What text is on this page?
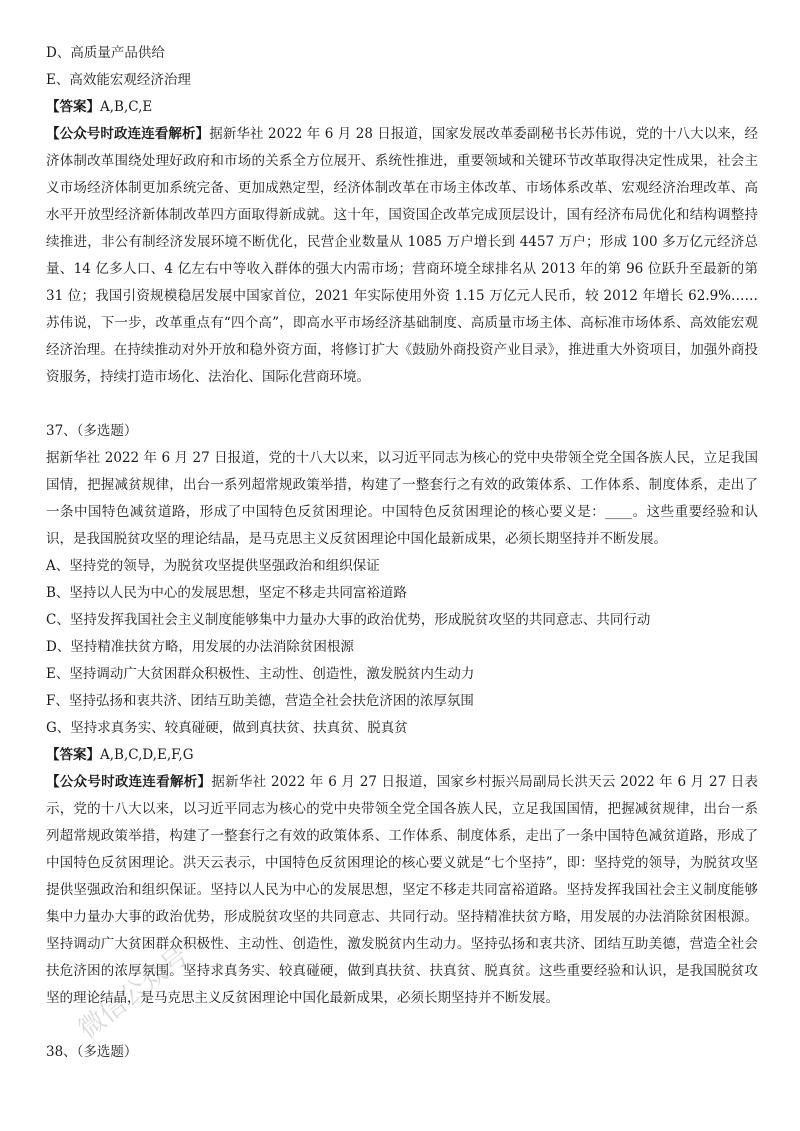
D、高质量产品供给
E、高效能宏观经济治理
【答案】A,B,C,E
【公众号时政连连看解析】据新华社 2022 年 6 月 28 日报道，国家发展改革委副秘书长苏伟说，党的十八大以来，经济体制改革围绕处理好政府和市场的关系全方位展开、系统性推进，重要领域和关键环节改革取得决定性成果，社会主义市场经济体制更加系统完备、更加成熟定型，经济体制改革在市场主体改革、市场体系改革、宏观经济治理改革、高水平开放型经济新体制改革四方面取得新成就。这十年，国资国企改革完成顶层设计，国有经济布局优化和结构调整持续推进，非公有制经济发展环境不断优化，民营企业数量从 1085 万户增长到 4457 万户；形成 100 多万亿元经济总量、14 亿多人口、4 亿左右中等收入群体的强大内需市场；营商环境全球排名从 2013 年的第 96 位跃升至最新的第 31 位；我国引资规模稳居发展中国家首位，2021 年实际使用外资 1.15 万亿元人民币，较 2012 年增长 62.9%……苏伟说，下一步，改革重点有“四个高”，即高水平市场经济基础制度、高质量市场主体、高标准市场体系、高效能宏观经济治理。在持续推动对外开放和稳外资方面，将修订扩大《鼓励外商投资产业目录》，推进重大外资项目，加强外商投资服务，持续打造市场化、法治化、国际化营商环境。
37、（多选题）
据新华社 2022 年 6 月 27 日报道，党的十八大以来，以习近平同志为核心的党中央带领全党全国各族人民，立足我国国情，把握减贫规律，出台一系列超常规政策举措，构建了一整套行之有效的政策体系、工作体系、制度体系，走出了一条中国特色减贫道路，形成了中国特色反贫困理论。中国特色反贫困理论的核心要义是：____。这些重要经验和认识，是我国脱贫攻坚的理论结晶，是马克思主义反贫困理论中国化最新成果，必须长期坚持并不断发展。
A、坚持党的领导，为脱贫攻坚提供坚强政治和组织保证
B、坚持以人民为中心的发展思想，坚定不移走共同富裕道路
C、坚持发挥我国社会主义制度能够集中力量办大事的政治优势，形成脱贫攻坚的共同意志、共同行动
D、坚持精准扶贫方略，用发展的办法消除贫困根源
E、坚持调动广大贫困群众积极性、主动性、创造性，激发脱贫内生动力
F、坚持弘扬和衷共济、团结互助美德，营造全社会扶危济困的浓厚氛围
G、坚持求真务实、较真碰硬，做到真扶贫、扶真贫、脱真贫
【答案】A,B,C,D,E,F,G
【公众号时政连连看解析】据新华社 2022 年 6 月 27 日报道，国家乡村振兴局副局长洪天云 2022 年 6 月 27 日表示，党的十八大以来，以习近平同志为核心的党中央带领全党全国各族人民，立足我国国情，把握减贫规律，出台一系列超常规政策举措，构建了一整套行之有效的政策体系、工作体系、制度体系，走出了一条中国特色减贫道路，形成了中国特色反贫困理论。洪天云表示，中国特色反贫困理论的核心要义就是“七个坚持”，即：坚持党的领导，为脱贫攻坚提供坚强政治和组织保证。坚持以人民为中心的发展思想，坚定不移走共同富裕道路。坚持发挥我国社会主义制度能够集中力量办大事的政治优势，形成脱贫攻坚的共同意志、共同行动。坚持精准扶贫方略，用发展的办法消除贫困根源。坚持调动广大贫困群众积极性、主动性、创造性，激发脱贫内生动力。坚持弘扬和衷共济、团结互助美德，营造全社会扶危济困的浓厚氛围。坚持求真务实、较真碰硬，做到真扶贫、扶真贫、脱真贫。这些重要经验和认识，是我国脱贫攻坚的理论结晶，是马克思主义反贫困理论中国化最新成果，必须长期坚持并不断发展。
38、（多选题）
微信公众号
